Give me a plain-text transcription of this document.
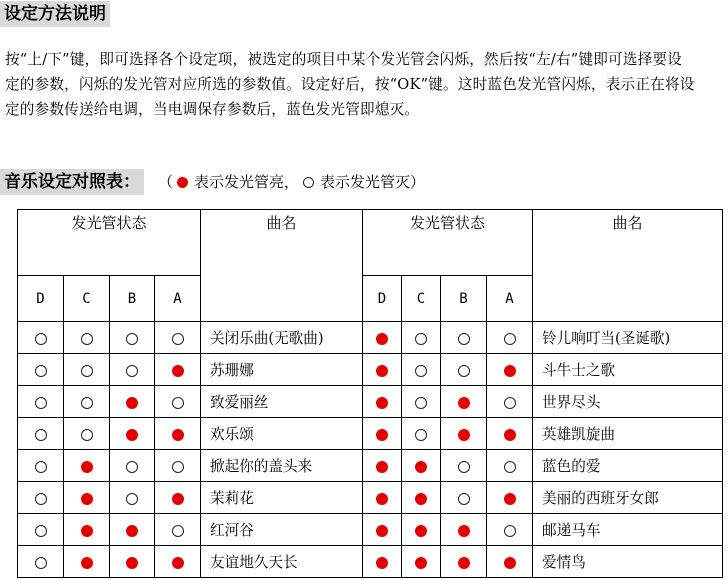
设定方法说明
按“上/下”键，即可选择各个设定项，被选定的项目中某个发光管会闪烁，然后按“左/右”键即可选择要设定的参数，闪烁的发光管对应所选的参数值。设定好后，按“OK”键。这时蓝色发光管闪烁，表示正在将设定的参数传送给电调，当电调保存参数后，蓝色发光管即熄灭。
音乐设定对照表： （ 表示发光管亮， 表示发光管灭）
发光管状态				曲名	发光管状态				曲名
D	C	B	A		D	C	B	A	
				关闭乐曲(无歌曲)					铃儿响叮当(圣诞歌)
				苏珊娜					斗牛士之歌
				致爱丽丝					世界尽头
				欢乐颂					英雄凯旋曲
				掀起你的盖头来					蓝色的爱
				茉莉花					美丽的西班牙女郎
				红河谷					邮递马车
				友谊地久天长					爱情鸟
